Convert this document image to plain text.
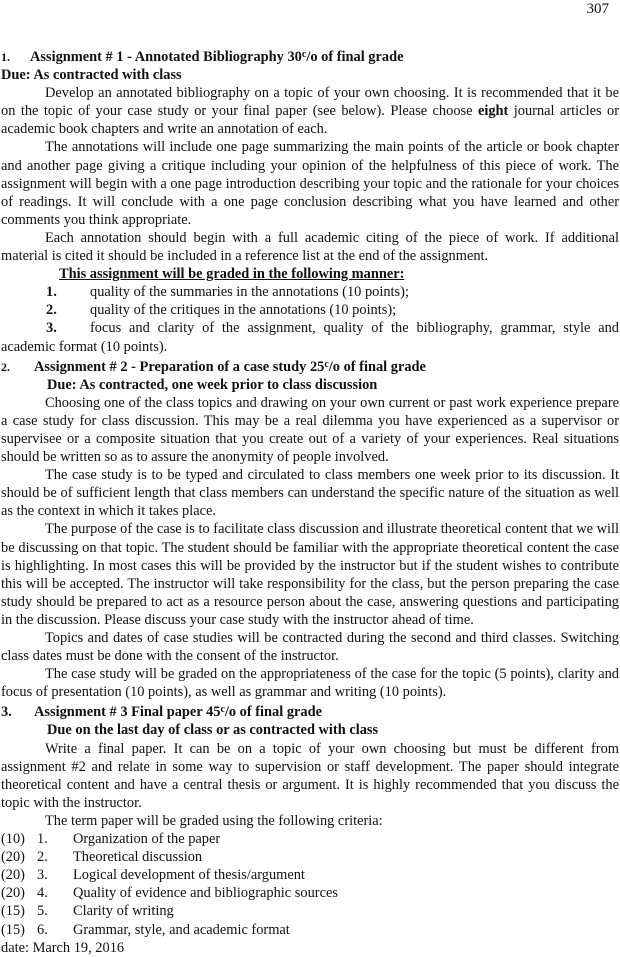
307
1. Assignment # 1 - Annotated Bibliography 30$^c$/o of final grade
Due: As contracted with class

Develop an annotated bibliography on a topic of your own choosing. It is recommended that it be on the topic of your case study or your final paper (see below). Please choose eight journal articles or academic book chapters and write an annotation of each.

The annotations will include one page summarizing the main points of the article or book chapter and another page giving a critique including your opinion of the helpfulness of this piece of work. The assignment will begin with a one page introduction describing your topic and the rationale for your choices of readings. It will conclude with a one page conclusion describing what you have learned and other comments you think appropriate.

Each annotation should begin with a full academic citing of the piece of work. If additional material is cited it should be included in a reference list at the end of the assignment.

This assignment will be graded in the following manner:
1.	quality of the summaries in the annotations (10 points);
2.	quality of the critiques in the annotations (10 points);

3. focus and clarity of the assignment, quality of the bibliography, grammar, style and academic format (10 points).

2. Assignment # 2 - Preparation of a case study 25$^c$/o of final grade
Due: As contracted, one week prior to class discussion

Choosing one of the class topics and drawing on your own current or past work experience prepare a case study for class discussion. This may be a real dilemma you have experienced as a supervisor or supervisee or a composite situation that you create out of a variety of your experiences. Real situations should be written so as to assure the anonymity of people involved.

The case study is to be typed and circulated to class members one week prior to its discussion. It should be of sufficient length that class members can understand the specific nature of the situation as well as the context in which it takes place.

The purpose of the case is to facilitate class discussion and illustrate theoretical content that we will be discussing on that topic. The student should be familiar with the appropriate theoretical content the case is highlighting. In most cases this will be provided by the instructor but if the student wishes to contribute this will be accepted. The instructor will take responsibility for the class, but the person preparing the case study should be prepared to act as a resource person about the case, answering questions and participating in the discussion. Please discuss your case study with the instructor ahead of time.

Topics and dates of case studies will be contracted during the second and third classes. Switching class dates must be done with the consent of the instructor.

The case study will be graded on the appropriateness of the case for the topic (5 points), clarity and focus of presentation (10 points), as well as grammar and writing (10 points).

3. Assignment # 3 Final paper 45$^c$/o of final grade
Due on the last day of class or as contracted with class

Write a final paper. It can be on a topic of your own choosing but must be different from assignment #2 and relate in some way to supervision or staff development. The paper should integrate theoretical content and have a central thesis or argument. It is highly recommended that you discuss the topic with the instructor.

The term paper will be graded using the following criteria:

(10) 1.	Organization of the paper
(20) 2.	Theoretical discussion
(20) 3.	Logical development of thesis/argument
(20) 4.	Quality of evidence and bibliographic sources
(15) 5.	Clarity of writing
(15) 6.	Grammar, style, and academic format
date: March 19, 2016
